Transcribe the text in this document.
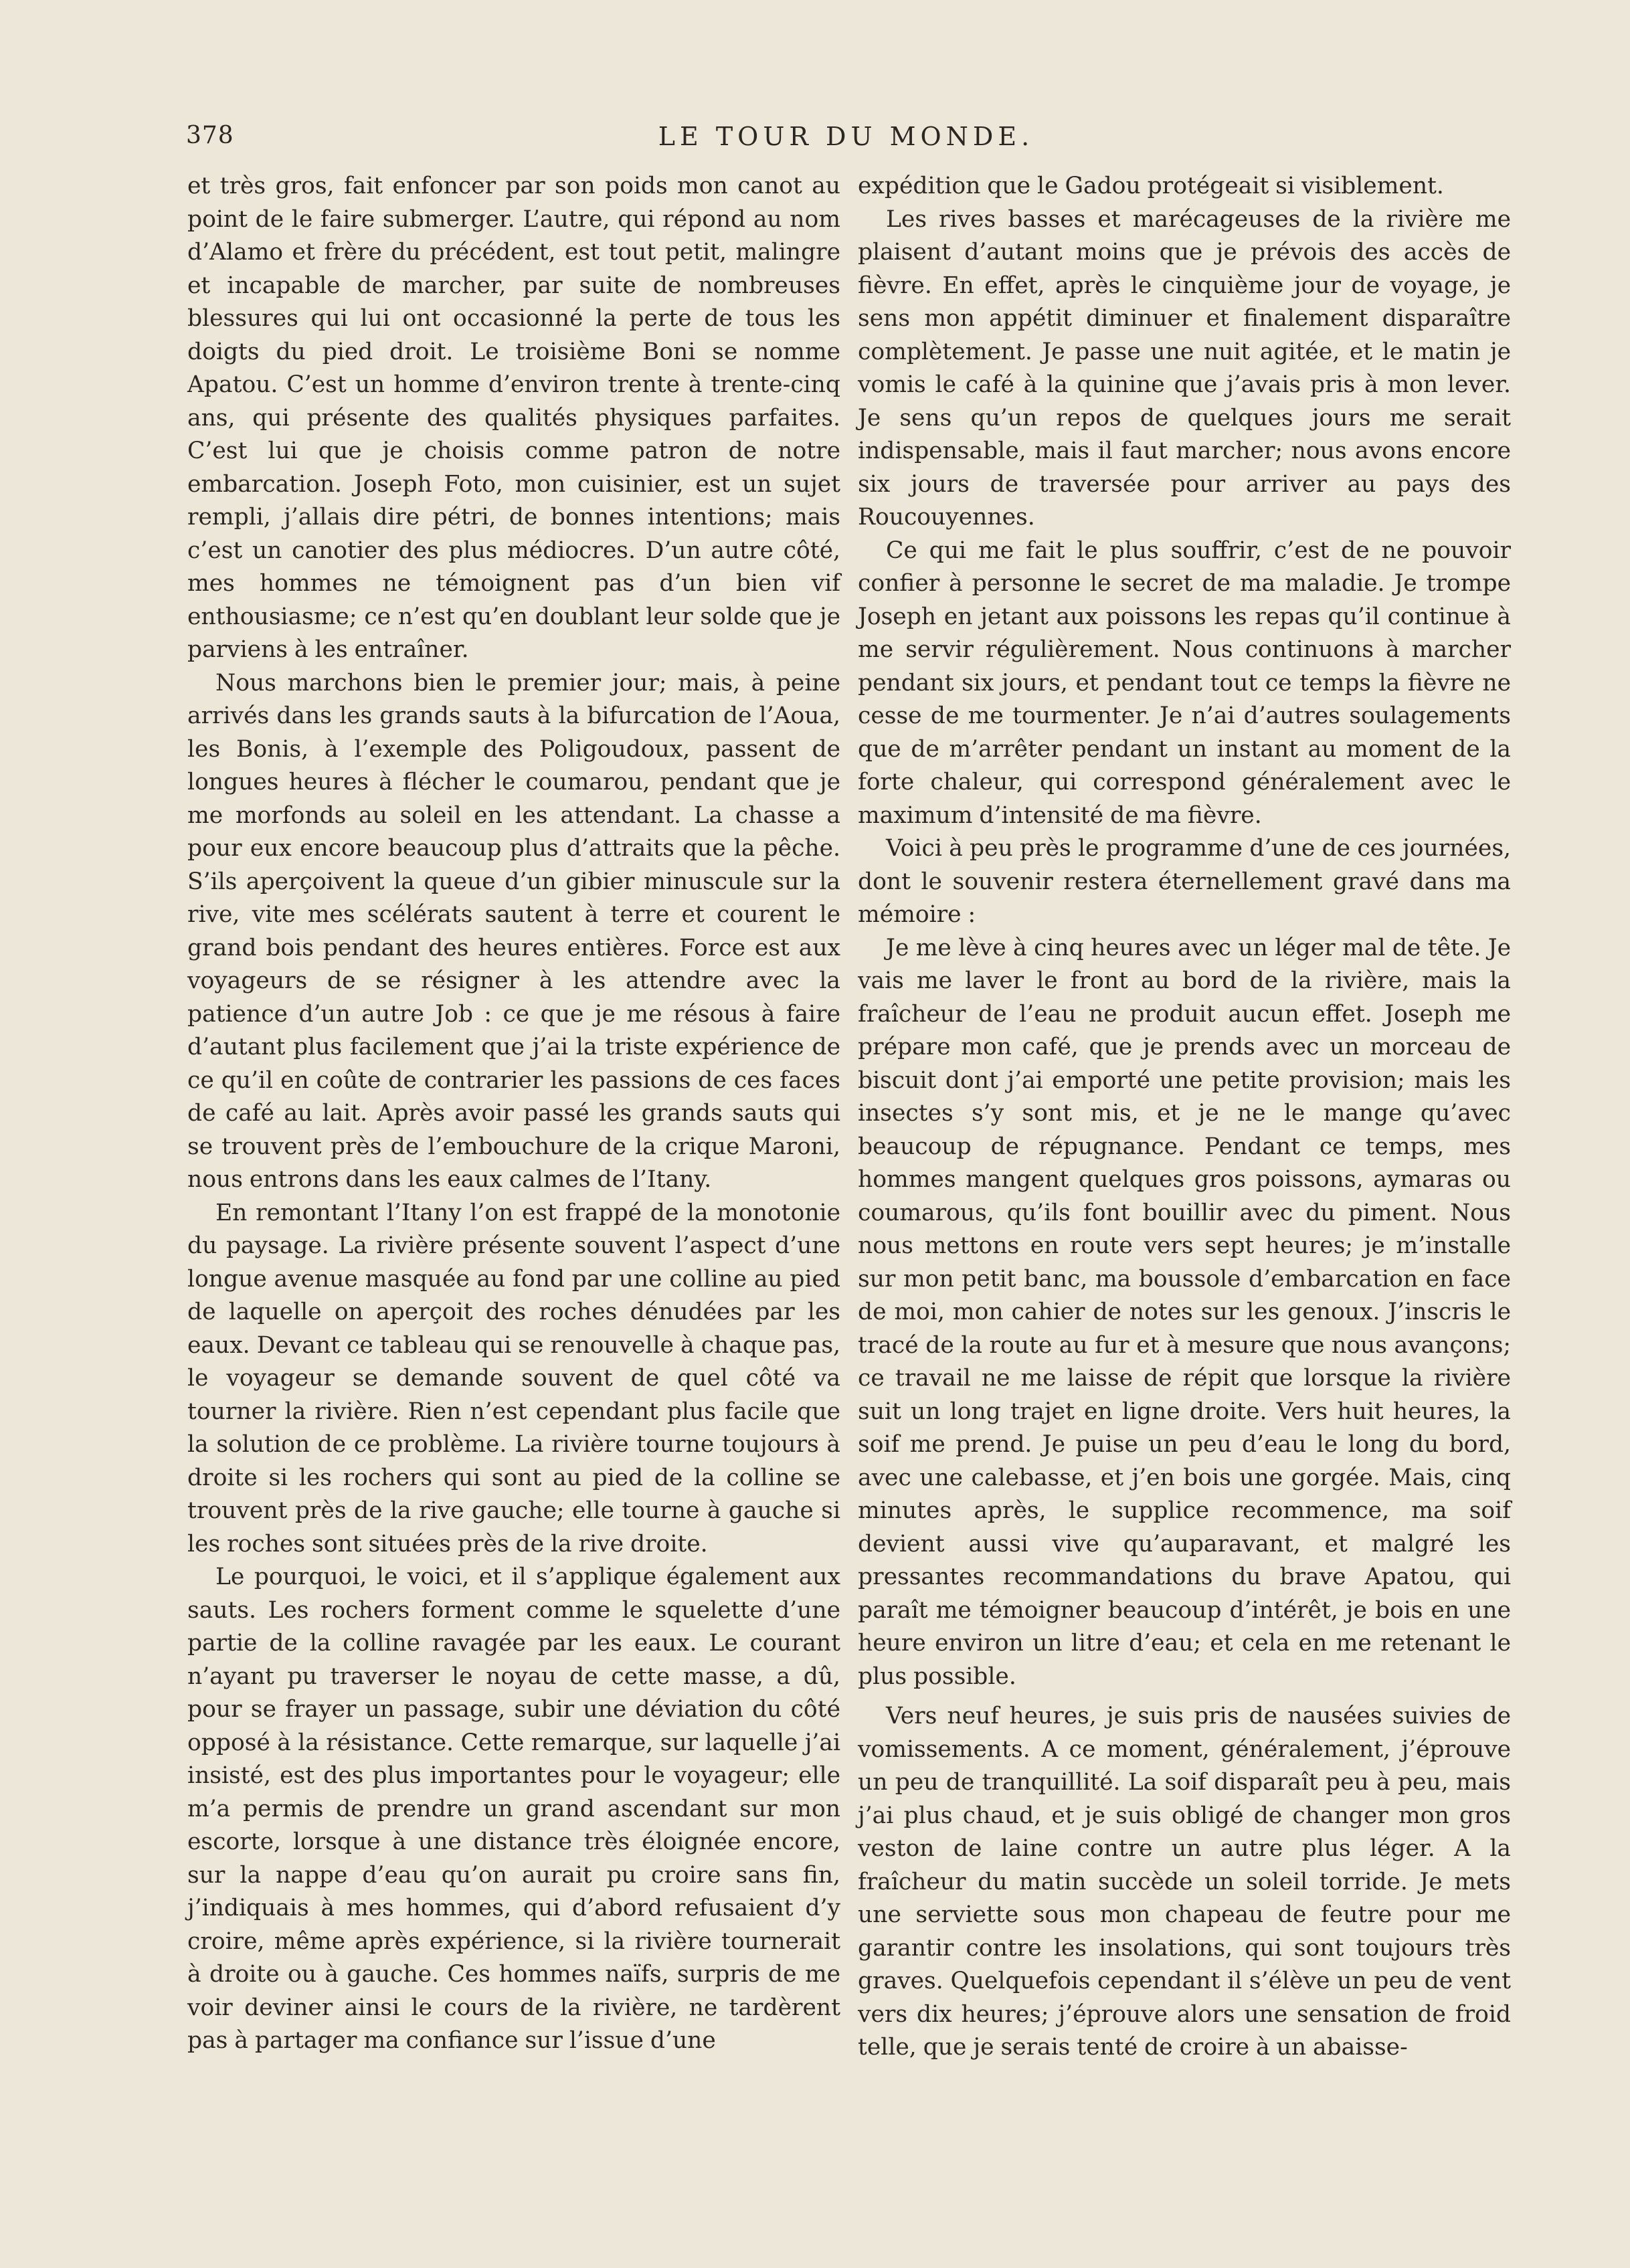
378	LE TOUR DU MONDE.

et très gros, fait enfoncer par son poids mon canot au point de le faire submerger. L’autre, qui répond au nom d’Alamo et frère du précédent, est tout petit, malingre et incapable de marcher, par suite de nombreuses blessures qui lui ont occasionné la perte de tous les doigts du pied droit. Le troisième Boni se nomme Apatou. C’est un homme d’environ trente à trente-cinq ans, qui présente des qualités physiques parfaites. C’est lui que je choisis comme patron de notre embarcation. Joseph Foto, mon cuisinier, est un sujet rempli, j’allais dire pétri, de bonnes intentions; mais c’est un canotier des plus médiocres. D’un autre côté, mes hommes ne témoignent pas d’un bien vif enthousiasme; ce n’est qu’en doublant leur solde que je parviens à les entraîner.

Nous marchons bien le premier jour; mais, à peine arrivés dans les grands sauts à la bifurcation de l’Aoua, les Bonis, à l’exemple des Poligoudoux, passent de longues heures à flécher le coumarou, pendant que je me morfonds au soleil en les attendant. La chasse a pour eux encore beaucoup plus d’attraits que la pêche. S’ils aperçoivent la queue d’un gibier minuscule sur la rive, vite mes scélérats sautent à terre et courent le grand bois pendant des heures entières. Force est aux voyageurs de se résigner à les attendre avec la patience d’un autre Job : ce que je me résous à faire d’autant plus facilement que j’ai la triste expérience de ce qu’il en coûte de contrarier les passions de ces faces de café au lait. Après avoir passé les grands sauts qui se trouvent près de l’embouchure de la crique Maroni, nous entrons dans les eaux calmes de l’Itany.

En remontant l’Itany l’on est frappé de la monotonie du paysage. La rivière présente souvent l’aspect d’une longue avenue masquée au fond par une colline au pied de laquelle on aperçoit des roches dénudées par les eaux. Devant ce tableau qui se renouvelle à chaque pas, le voyageur se demande souvent de quel côté va tourner la rivière. Rien n’est cependant plus facile que la solution de ce problème. La rivière tourne toujours à droite si les rochers qui sont au pied de la colline se trouvent près de la rive gauche; elle tourne à gauche si les roches sont situées près de la rive droite.

Le pourquoi, le voici, et il s’applique également aux sauts. Les rochers forment comme le squelette d’une partie de la colline ravagée par les eaux. Le courant n’ayant pu traverser le noyau de cette masse, a dû, pour se frayer un passage, subir une déviation du côté opposé à la résistance. Cette remarque, sur laquelle j’ai insisté, est des plus importantes pour le voyageur; elle m’a permis de prendre un grand ascendant sur mon escorte, lorsque à une distance très éloignée encore, sur la nappe d’eau qu’on aurait pu croire sans fin, j’indiquais à mes hommes, qui d’abord refusaient d’y croire, même après expérience, si la rivière tournerait à droite ou à gauche. Ces hommes naïfs, surpris de me voir deviner ainsi le cours de la rivière, ne tardèrent pas à partager ma confiance sur l’issue d’une

expédition que le Gadou protégeait si visiblement.

Les rives basses et marécageuses de la rivière me plaisent d’autant moins que je prévois des accès de fièvre. En effet, après le cinquième jour de voyage, je sens mon appétit diminuer et finalement disparaître complètement. Je passe une nuit agitée, et le matin je vomis le café à la quinine que j’avais pris à mon lever. Je sens qu’un repos de quelques jours me serait indispensable, mais il faut marcher; nous avons encore six jours de traversée pour arriver au pays des Roucouyennes.

Ce qui me fait le plus souffrir, c’est de ne pouvoir confier à personne le secret de ma maladie. Je trompe Joseph en jetant aux poissons les repas qu’il continue à me servir régulièrement. Nous continuons à marcher pendant six jours, et pendant tout ce temps la fièvre ne cesse de me tourmenter. Je n’ai d’autres soulagements que de m’arrêter pendant un instant au moment de la forte chaleur, qui correspond généralement avec le maximum d’intensité de ma fièvre.

Voici à peu près le programme d’une de ces journées, dont le souvenir restera éternellement gravé dans ma mémoire :

Je me lève à cinq heures avec un léger mal de tête. Je vais me laver le front au bord de la rivière, mais la fraîcheur de l’eau ne produit aucun effet. Joseph me prépare mon café, que je prends avec un morceau de biscuit dont j’ai emporté une petite provision; mais les insectes s’y sont mis, et je ne le mange qu’avec beaucoup de répugnance. Pendant ce temps, mes hommes mangent quelques gros poissons, aymaras ou coumarous, qu’ils font bouillir avec du piment. Nous nous mettons en route vers sept heures; je m’installe sur mon petit banc, ma boussole d’embarcation en face de moi, mon cahier de notes sur les genoux. J’inscris le tracé de la route au fur et à mesure que nous avançons; ce travail ne me laisse de répit que lorsque la rivière suit un long trajet en ligne droite. Vers huit heures, la soif me prend. Je puise un peu d’eau le long du bord, avec une calebasse, et j’en bois une gorgée. Mais, cinq minutes après, le supplice recommence, ma soif devient aussi vive qu’auparavant, et malgré les pressantes recommandations du brave Apatou, qui paraît me témoigner beaucoup d’intérêt, je bois en une heure environ un litre d’eau; et cela en me retenant le plus possible.

Vers neuf heures, je suis pris de nausées suivies de vomissements. A ce moment, généralement, j’éprouve un peu de tranquillité. La soif disparaît peu à peu, mais j’ai plus chaud, et je suis obligé de changer mon gros veston de laine contre un autre plus léger. A la fraîcheur du matin succède un soleil torride. Je mets une serviette sous mon chapeau de feutre pour me garantir contre les insolations, qui sont toujours très graves. Quelquefois cependant il s’élève un peu de vent vers dix heures; j’éprouve alors une sensation de froid telle, que je serais tenté de croire à un abaisse-
